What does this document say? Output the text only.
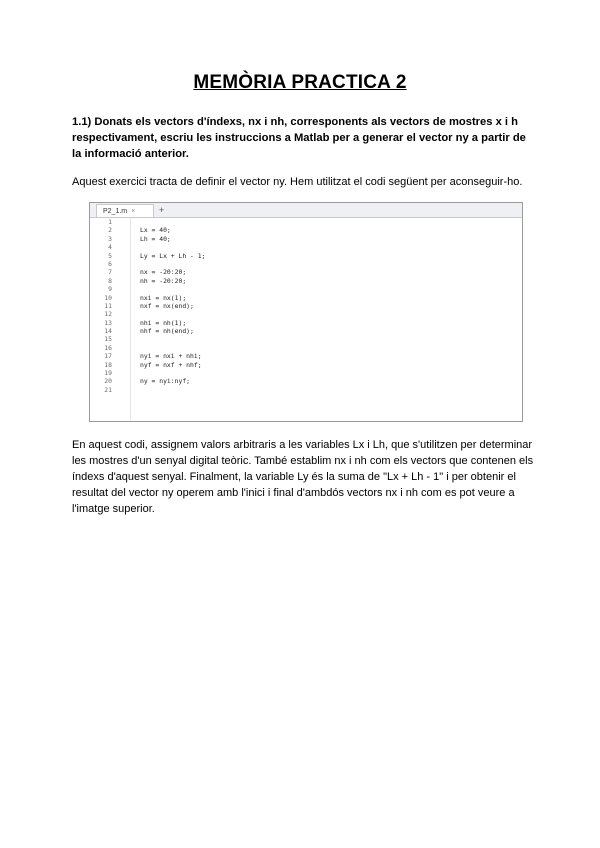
MEMÒRIA PRACTICA 2
1.1) Donats els vectors d'índexs, nx i nh, corresponents als vectors de mostres x i h respectivament, escriu les instruccions a Matlab per a generar el vector ny a partir de la informació anterior.
Aquest exercici tracta de definir el vector ny. Hem utilitzat el codi següent per aconseguir-ho.
P2_1.m ×	+
1
2	Lx = 40;
3	Lh = 40;
4
5	Ly = Lx + Lh - 1;
6
7	nx = -20:20;
8	nh = -20:20;
9
10	nxi = nx(1);
11	nxf = nx(end);
12
13	nhi = nh(1);
14	nhf = nh(end);
15
16
17	nyi = nxi + nhi;
18	nyf = nxf + nhf;
19
20	ny = nyi:nyf;
21
En aquest codi, assignem valors arbitraris a les variables Lx i Lh, que s'utilitzen per determinar les mostres d'un senyal digital teòric. També establim nx i nh com els vectors que contenen els índexs d'aquest senyal. Finalment, la variable Ly és la suma de "Lx + Lh - 1" i per obtenir el resultat del vector ny operem amb l'inici i final d'ambdós vectors nx i nh com es pot veure a l'imatge superior.
